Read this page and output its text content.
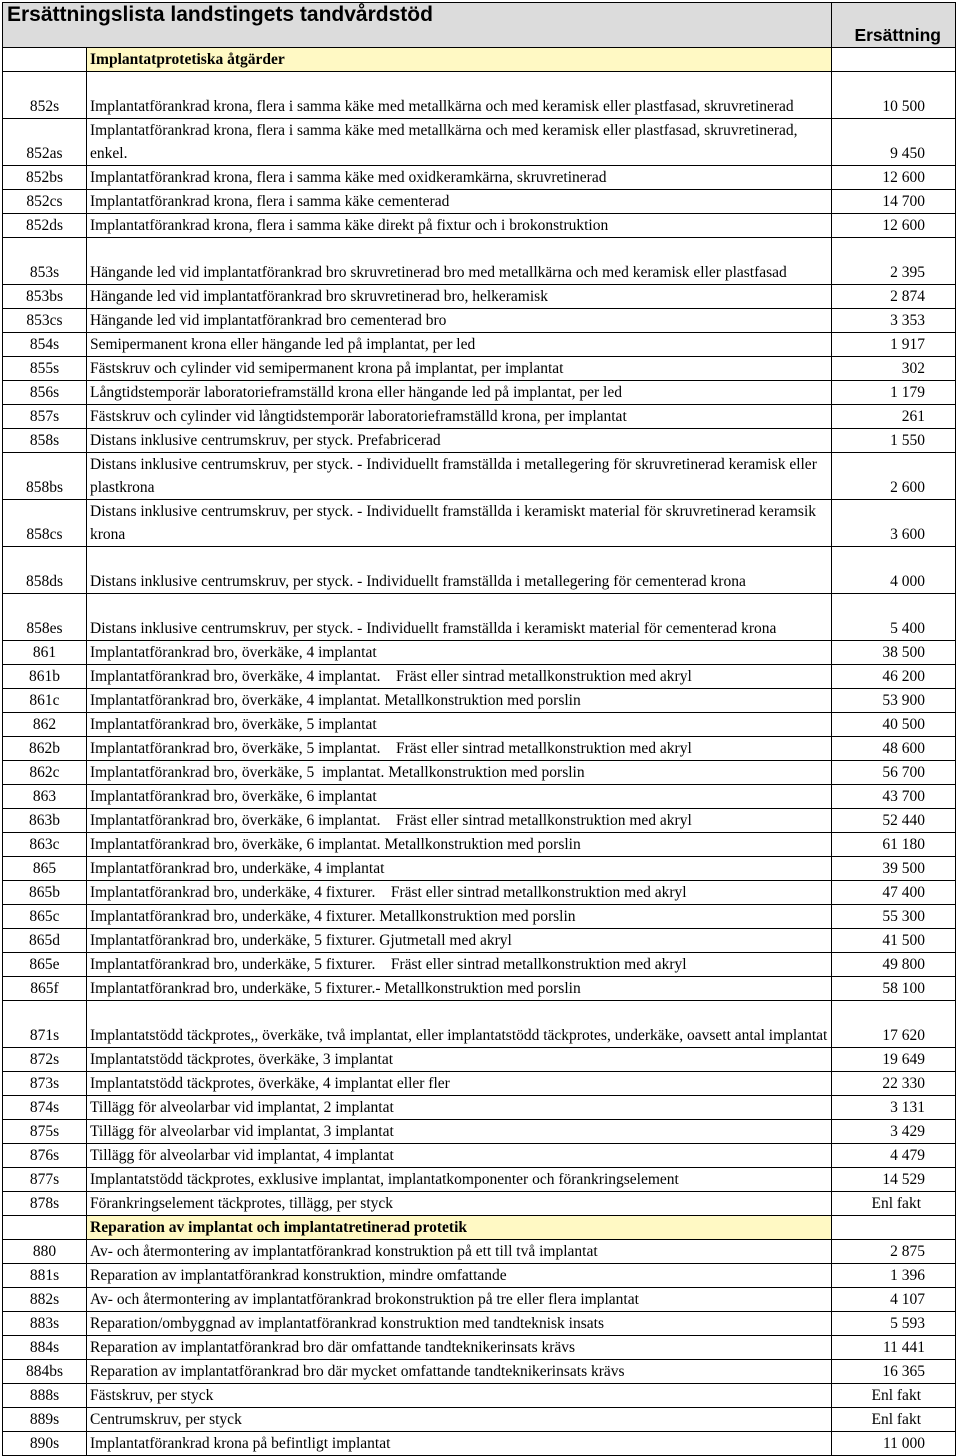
Ersättningslista landstingets tandvårdstöd		Ersättning
	Implantatprotetiska åtgärder	
852s	Implantatförankrad krona, flera i samma käke med metallkärna och med keramisk eller plastfasad, skruvretinerad	10 500
852as	Implantatförankrad krona, flera i samma käke med metallkärna och med keramisk eller plastfasad, skruvretinerad, enkel.	9 450
852bs	Implantatförankrad krona, flera i samma käke med oxidkeramkärna, skruvretinerad	12 600
852cs	Implantatförankrad krona, flera i samma käke cementerad	14 700
852ds	Implantatförankrad krona, flera i samma käke direkt på fixtur och i brokonstruktion	12 600
853s	Hängande led vid implantatförankrad bro skruvretinerad bro med metallkärna och med keramisk eller plastfasad	2 395
853bs	Hängande led vid implantatförankrad bro skruvretinerad bro, helkeramisk	2 874
853cs	Hängande led vid implantatförankrad bro cementerad bro	3 353
854s	Semipermanent krona eller hängande led på implantat, per led	1 917
855s	Fästskruv och cylinder vid semipermanent krona på implantat, per implantat	302
856s	Långtidstemporär laboratorieframställd krona eller hängande led på implantat, per led	1 179
857s	Fästskruv och cylinder vid långtidstemporär laboratorieframställd krona, per implantat	261
858s	Distans inklusive centrumskruv, per styck. Prefabricerad	1 550
858bs	Distans inklusive centrumskruv, per styck. - Individuellt framställda i metallegering för skruvretinerad keramisk eller plastkrona	2 600
858cs	Distans inklusive centrumskruv, per styck. - Individuellt framställda i keramiskt material för skruvretinerad keramsik krona	3 600
858ds	Distans inklusive centrumskruv, per styck. - Individuellt framställda i metallegering för cementerad krona	4 000
858es	Distans inklusive centrumskruv, per styck. - Individuellt framställda i keramiskt material för cementerad krona	5 400
861	Implantatförankrad bro, överkäke, 4 implantat	38 500
861b	Implantatförankrad bro, överkäke, 4 implantat.    Fräst eller sintrad metallkonstruktion med akryl	46 200
861c	Implantatförankrad bro, överkäke, 4 implantat. Metallkonstruktion med porslin	53 900
862	Implantatförankrad bro, överkäke, 5 implantat	40 500
862b	Implantatförankrad bro, överkäke, 5 implantat.    Fräst eller sintrad metallkonstruktion med akryl	48 600
862c	Implantatförankrad bro, överkäke, 5  implantat. Metallkonstruktion med porslin	56 700
863	Implantatförankrad bro, överkäke, 6 implantat	43 700
863b	Implantatförankrad bro, överkäke, 6 implantat.    Fräst eller sintrad metallkonstruktion med akryl	52 440
863c	Implantatförankrad bro, överkäke, 6 implantat. Metallkonstruktion med porslin	61 180
865	Implantatförankrad bro, underkäke, 4 implantat	39 500
865b	Implantatförankrad bro, underkäke, 4 fixturer.    Fräst eller sintrad metallkonstruktion med akryl	47 400
865c	Implantatförankrad bro, underkäke, 4 fixturer. Metallkonstruktion med porslin	55 300
865d	Implantatförankrad bro, underkäke, 5 fixturer. Gjutmetall med akryl	41 500
865e	Implantatförankrad bro, underkäke, 5 fixturer.    Fräst eller sintrad metallkonstruktion med akryl	49 800
865f	Implantatförankrad bro, underkäke, 5 fixturer.- Metallkonstruktion med porslin	58 100
871s	Implantatstödd täckprotes,, överkäke, två implantat, eller implantatstödd täckprotes, underkäke, oavsett antal implantat	17 620
872s	Implantatstödd täckprotes, överkäke, 3 implantat	19 649
873s	Implantatstödd täckprotes, överkäke, 4 implantat eller fler	22 330
874s	Tillägg för alveolarbar vid implantat, 2 implantat	3 131
875s	Tillägg för alveolarbar vid implantat, 3 implantat	3 429
876s	Tillägg för alveolarbar vid implantat, 4 implantat	4 479
877s	Implantatstödd täckprotes, exklusive implantat, implantatkomponenter och förankringselement	14 529
878s	Förankringselement täckprotes, tillägg, per styck	Enl fakt
	Reparation av implantat och implantatretinerad protetik	
880	Av- och återmontering av implantatförankrad konstruktion på ett till två implantat	2 875
881s	Reparation av implantatförankrad konstruktion, mindre omfattande	1 396
882s	Av- och återmontering av implantatförankrad brokonstruktion på tre eller flera implantat	4 107
883s	Reparation/ombyggnad av implantatförankrad konstruktion med tandteknisk insats	5 593
884s	Reparation av implantatförankrad bro där omfattande tandteknikerinsats krävs	11 441
884bs	Reparation av implantatförankrad bro där mycket omfattande tandteknikerinsats krävs	16 365
888s	Fästskruv, per styck	Enl fakt
889s	Centrumskruv, per styck	Enl fakt
890s	Implantatförankrad krona på befintligt implantat	11 000
